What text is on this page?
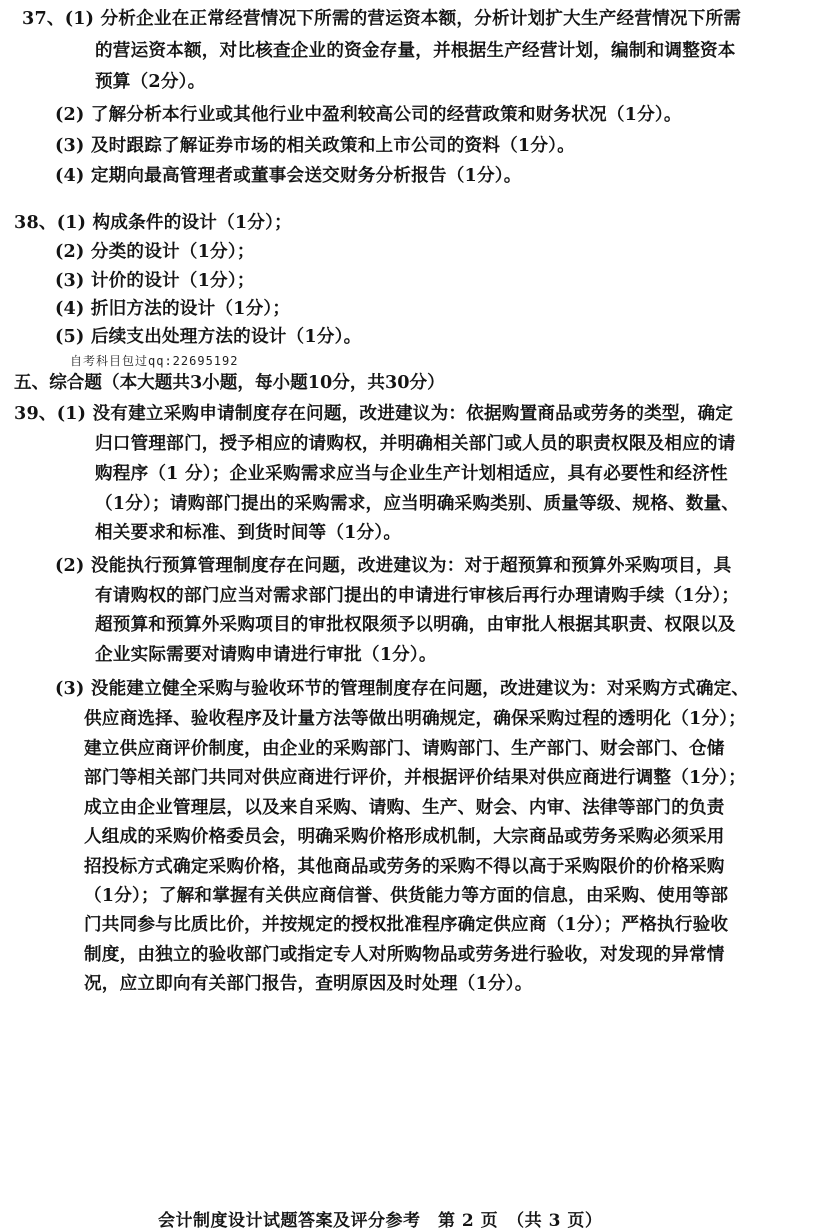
37、(1) 分析企业在正常经营情况下所需的营运资本额，分析计划扩大生产经营情况下所需
的营运资本额，对比核查企业的资金存量，并根据生产经营计划，编制和调整资本
预算（2分）。
(2) 了解分析本行业或其他行业中盈利较高公司的经营政策和财务状况（1分）。
(3) 及时跟踪了解证券市场的相关政策和上市公司的资料（1分）。
(4) 定期向最高管理者或董事会送交财务分析报告（1分）。
38、(1) 构成条件的设计（1分）；
(2) 分类的设计（1分）；
(3) 计价的设计（1分）；
(4) 折旧方法的设计（1分）；
(5) 后续支出处理方法的设计（1分）。
自考科目包过qq:22695192
五、综合题（本大题共3小题，每小题10分，共30分）
39、(1) 没有建立采购申请制度存在问题，改进建议为：依据购置商品或劳务的类型，确定
归口管理部门，授予相应的请购权，并明确相关部门或人员的职责权限及相应的请
购程序（1 分）；企业采购需求应当与企业生产计划相适应，具有必要性和经济性
（1分）；请购部门提出的采购需求，应当明确采购类别、质量等级、规格、数量、
相关要求和标准、到货时间等（1分）。
(2) 没能执行预算管理制度存在问题，改进建议为：对于超预算和预算外采购项目，具
有请购权的部门应当对需求部门提出的申请进行审核后再行办理请购手续（1分）；
超预算和预算外采购项目的审批权限须予以明确，由审批人根据其职责、权限以及
企业实际需要对请购申请进行审批（1分）。
(3) 没能建立健全采购与验收环节的管理制度存在问题，改进建议为：对采购方式确定、
供应商选择、验收程序及计量方法等做出明确规定，确保采购过程的透明化（1分）；
建立供应商评价制度，由企业的采购部门、请购部门、生产部门、财会部门、仓储
部门等相关部门共同对供应商进行评价，并根据评价结果对供应商进行调整（1分）；
成立由企业管理层，以及来自采购、请购、生产、财会、内审、法律等部门的负责
人组成的采购价格委员会，明确采购价格形成机制，大宗商品或劳务采购必须采用
招投标方式确定采购价格，其他商品或劳务的采购不得以高于采购限价的价格采购
（1分）；了解和掌握有关供应商信誉、供货能力等方面的信息，由采购、使用等部
门共同参与比质比价，并按规定的授权批准程序确定供应商（1分）；严格执行验收
制度，由独立的验收部门或指定专人对所购物品或劳务进行验收，对发现的异常情
况，应立即向有关部门报告，查明原因及时处理（1分）。
会计制度设计试题答案及评分参考　第 2 页　（共 3 页）
